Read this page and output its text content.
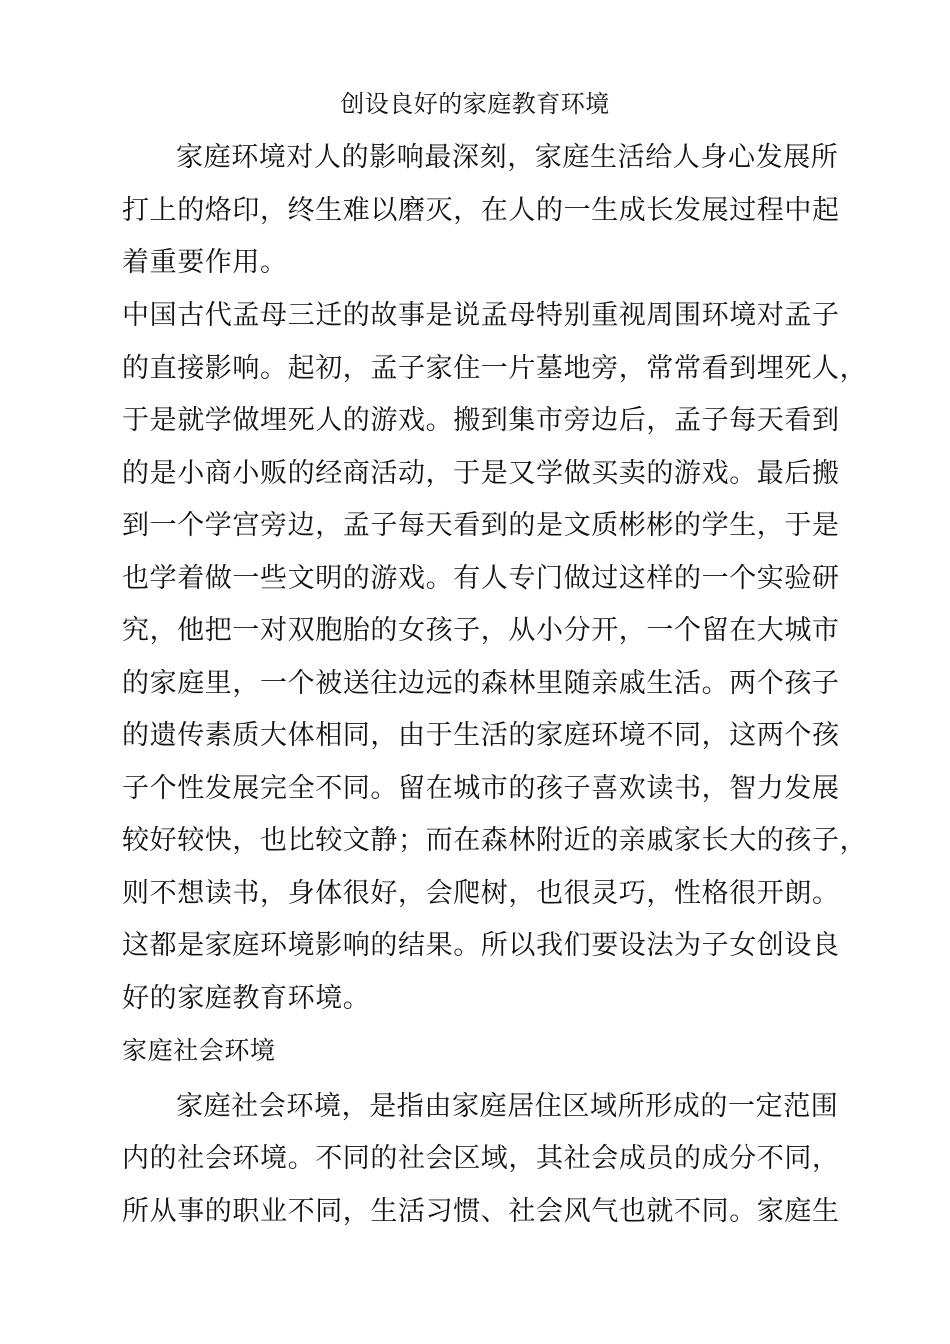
创设良好的家庭教育环境
家庭环境对人的影响最深刻，家庭生活给人身心发展所
打上的烙印，终生难以磨灭，在人的一生成长发展过程中起
着重要作用。
中国古代孟母三迁的故事是说孟母特别重视周围环境对孟子
的直接影响。起初，孟子家住一片墓地旁，常常看到埋死人，
于是就学做埋死人的游戏。搬到集市旁边后，孟子每天看到
的是小商小贩的经商活动，于是又学做买卖的游戏。最后搬
到一个学宫旁边，孟子每天看到的是文质彬彬的学生，于是
也学着做一些文明的游戏。有人专门做过这样的一个实验研
究，他把一对双胞胎的女孩子，从小分开，一个留在大城市
的家庭里，一个被送往边远的森林里随亲戚生活。两个孩子
的遗传素质大体相同，由于生活的家庭环境不同，这两个孩
子个性发展完全不同。留在城市的孩子喜欢读书，智力发展
较好较快，也比较文静；而在森林附近的亲戚家长大的孩子，
则不想读书，身体很好，会爬树，也很灵巧，性格很开朗。
这都是家庭环境影响的结果。所以我们要设法为子女创设良
好的家庭教育环境。
家庭社会环境
家庭社会环境，是指由家庭居住区域所形成的一定范围
内的社会环境。不同的社会区域，其社会成员的成分不同，
所从事的职业不同，生活习惯、社会风气也就不同。家庭生
